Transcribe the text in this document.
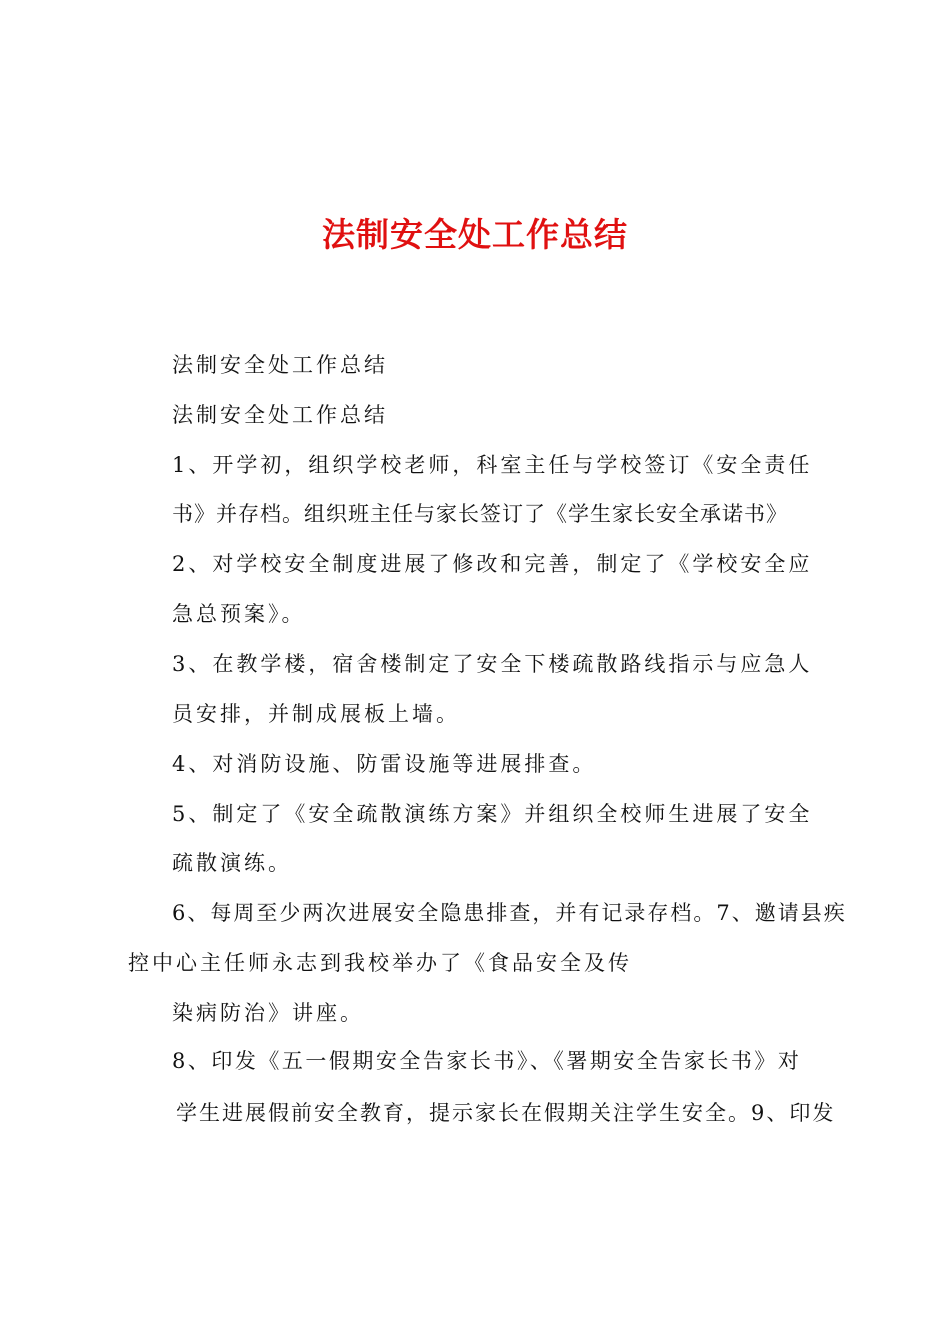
法制安全处工作总结

法制安全处工作总结

法制安全处工作总结

1、开学初，组织学校老师，科室主任与学校签订《安全责任

书》并存档。组织班主任与家长签订了《学生家长安全承诺书》

2、对学校安全制度进展了修改和完善，制定了《学校安全应

急总预案》。

3、在教学楼，宿舍楼制定了安全下楼疏散路线指示与应急人

员安排，并制成展板上墙。

4、对消防设施、防雷设施等进展排查。

5、制定了《安全疏散演练方案》并组织全校师生进展了安全

疏散演练。

6、每周至少两次进展安全隐患排查，并有记录存档。7、邀请县疾

控中心主任师永志到我校举办了《食品安全及传

染病防治》讲座。

8、印发《五一假期安全告家长书》、《署期安全告家长书》对

学生进展假前安全教育，提示家长在假期关注学生安全。9、印发
